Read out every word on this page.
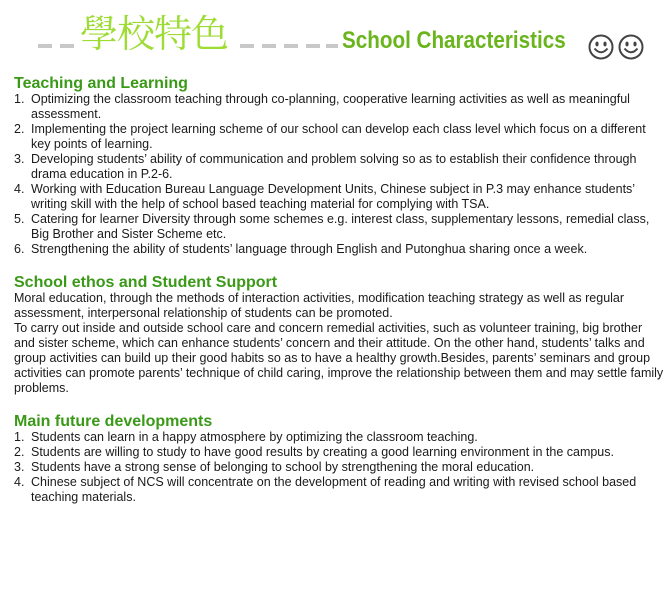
學校特色	School Characteristics
Teaching and Learning
1. Optimizing the classroom teaching through co-planning, cooperative learning activities as well as meaningful assessment.
2. Implementing the project learning scheme of our school can develop each class level which focus on a different key points of learning.
3. Developing students’ ability of communication and problem solving so as to establish their confidence through drama education in P.2-6.
4. Working with Education Bureau Language Development Units, Chinese subject in P.3 may enhance students’ writing skill with the help of school based teaching material for complying with TSA.
5. Catering for learner Diversity through some schemes e.g. interest class, supplementary lessons, remedial class, Big Brother and Sister Scheme etc.
6. Strengthening the ability of students’ language through English and Putonghua sharing once a week.
School ethos and Student Support

Moral education, through the methods of interaction activities, modification teaching strategy as well as regular assessment, interpersonal relationship of students can be promoted.

To carry out inside and outside school care and concern remedial activities, such as volunteer training, big brother and sister scheme, which can enhance students’ concern and their attitude. On the other hand, students’ talks and group activities can build up their good habits so as to have a healthy growth.Besides, parents’ seminars and group activities can promote parents’ technique of child caring, improve the relationship between them and may settle family problems.

Main future developments
1. Students can learn in a happy atmosphere by optimizing the classroom teaching.
2. Students are willing to study to have good results by creating a good learning environment in the campus.
3. Students have a strong sense of belonging to school by strengthening the moral education.
4. Chinese subject of NCS will concentrate on the development of reading and writing with revised school based teaching materials.
